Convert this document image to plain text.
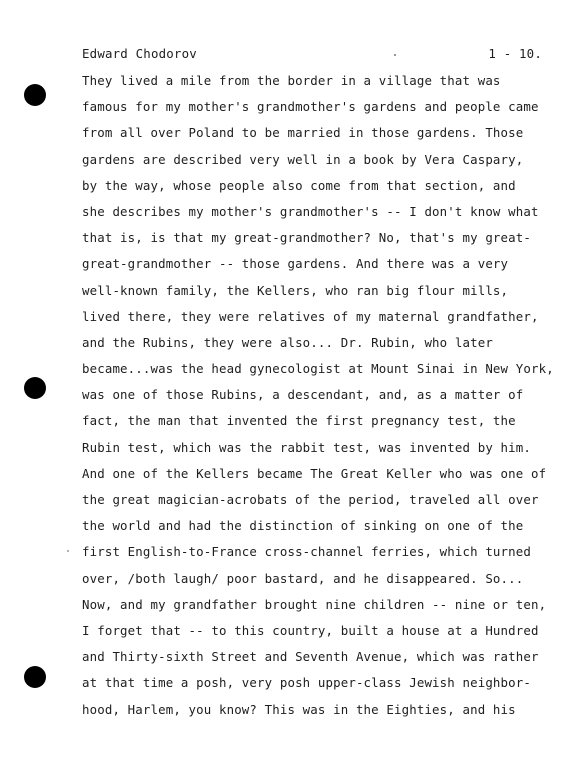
Edward Chodorov	1 - 10.
They lived a mile from the border in a village that was
famous for my mother's grandmother's gardens and people came
from all over Poland to be married in those gardens. Those
gardens are described very well in a book by Vera Caspary,
by the way, whose people also come from that section, and
she describes my mother's grandmother's -- I don't know what
that is, is that my great-grandmother? No, that's my great-
great-grandmother -- those gardens. And there was a very
well-known family, the Kellers, who ran big flour mills,
lived there, they were relatives of my maternal grandfather,
and the Rubins, they were also... Dr. Rubin, who later
became...was the head gynecologist at Mount Sinai in New York,
was one of those Rubins, a descendant, and, as a matter of
fact, the man that invented the first pregnancy test, the
Rubin test, which was the rabbit test, was invented by him.
And one of the Kellers became The Great Keller who was one of
the great magician-acrobats of the period, traveled all over
the world and had the distinction of sinking on one of the
first English-to-France cross-channel ferries, which turned
over, /both laugh/ poor bastard, and he disappeared. So...
Now, and my grandfather brought nine children -- nine or ten,
I forget that -- to this country, built a house at a Hundred
and Thirty-sixth Street and Seventh Avenue, which was rather
at that time a posh, very posh upper-class Jewish neighbor-
hood, Harlem, you know? This was in the Eighties, and his
